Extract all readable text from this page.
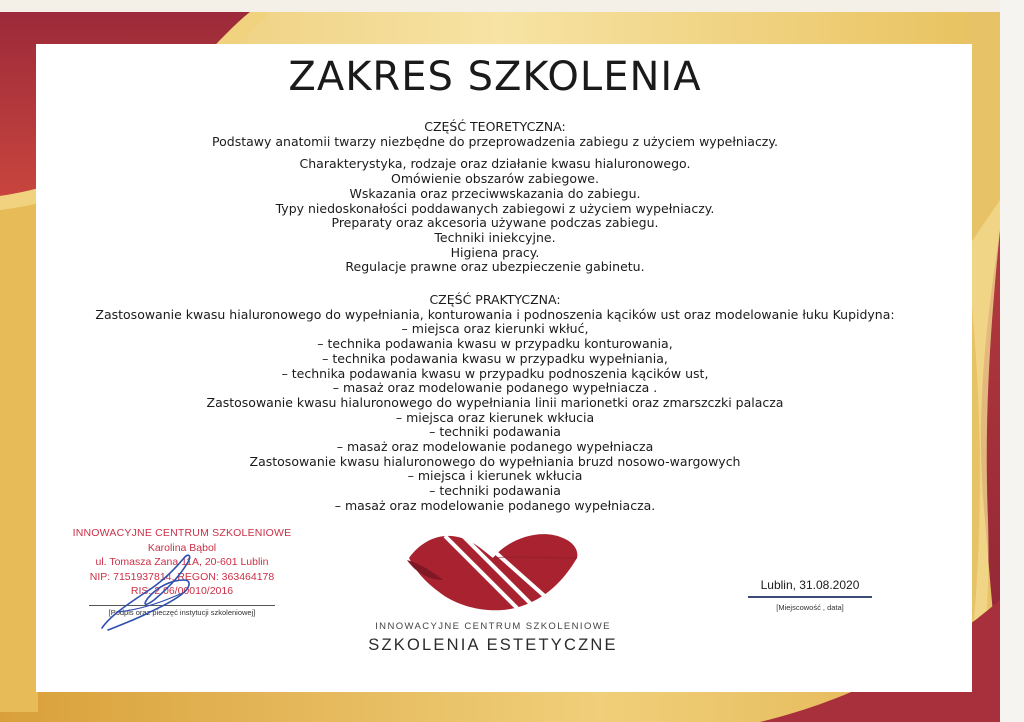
ZAKRES SZKOLENIA
CZĘŚĆ TEORETYCZNA:
Podstawy anatomii twarzy niezbędne do przeprowadzenia zabiegu z użyciem wypełniaczy.
Charakterystyka, rodzaje oraz działanie kwasu hialuronowego.
Omówienie obszarów zabiegowe.
Wskazania oraz przeciwwskazania do zabiegu.
Typy niedoskonałości poddawanych zabiegowi z użyciem wypełniaczy.
Preparaty oraz akcesoria używane podczas zabiegu.
Techniki iniekcyjne.
Higiena pracy.
Regulacje prawne oraz ubezpieczenie gabinetu.
CZĘŚĆ PRAKTYCZNA:
Zastosowanie kwasu hialuronowego do wypełniania, konturowania i podnoszenia kącików ust oraz modelowanie łuku Kupidyna:
– miejsca oraz kierunki wkłuć,
– technika podawania kwasu w przypadku konturowania,
– technika podawania kwasu w przypadku wypełniania,
– technika podawania kwasu w przypadku podnoszenia kącików ust,
– masaż oraz modelowanie podanego wypełniacza .
Zastosowanie kwasu hialuronowego do wypełniania linii marionetki oraz zmarszczki palacza
– miejsca oraz kierunek wkłucia
– techniki podawania
– masaż oraz modelowanie podanego wypełniacza
Zastosowanie kwasu hialuronowego do wypełniania bruzd nosowo-wargowych
– miejsca i kierunek wkłucia
– techniki podawania
– masaż oraz modelowanie podanego wypełniacza.
INNOWACYJNE CENTRUM SZKOLENIOWE
Karolina Bąbol
ul. Tomasza Zana 11A, 20-601 Lublin
NIP: 7151937814, REGON: 363464178
RIS: 2.06/00010/2016
[Podpis oraz pieczęć instytucji szkoleniowej]
INNOWACYJNE CENTRUM SZKOLENIOWE
SZKOLENIA ESTETYCZNE
Lublin, 31.08.2020
[Miejscowość , data]
